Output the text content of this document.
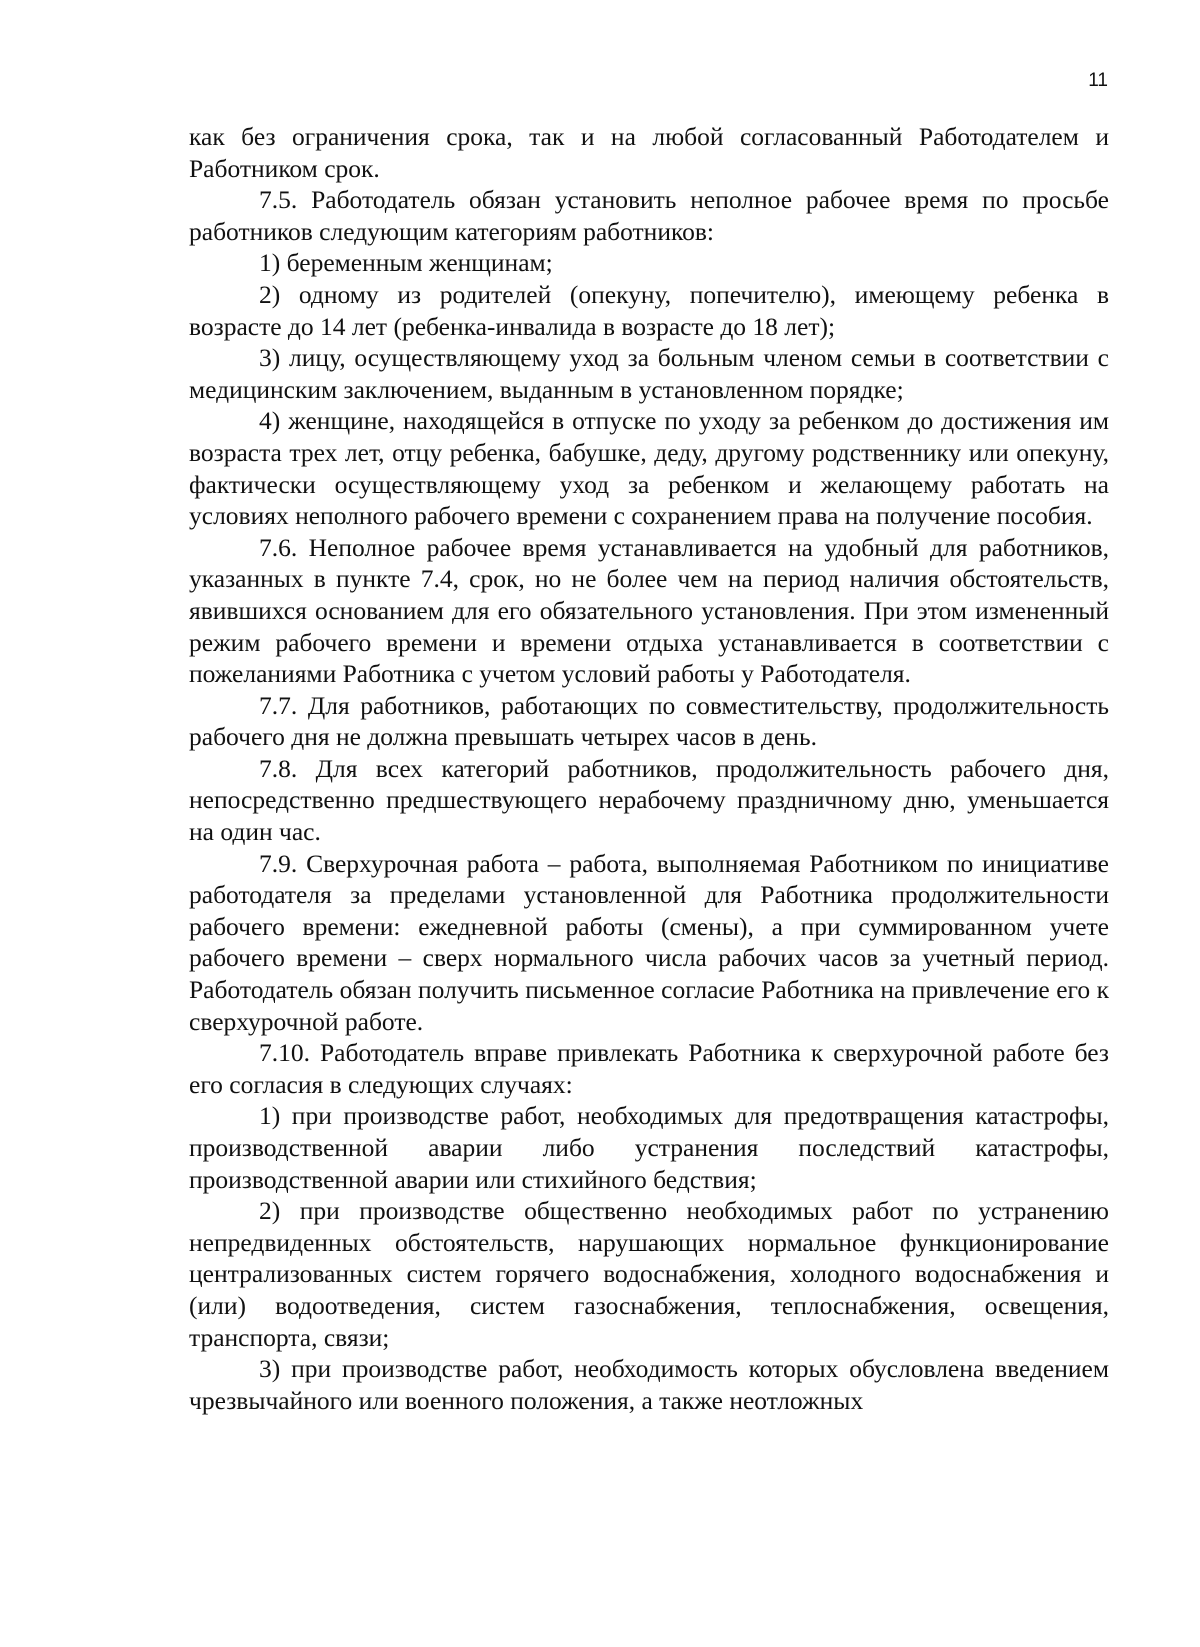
11

как без ограничения срока, так и на любой согласованный Работодателем и Работником срок.

7.5. Работодатель обязан установить неполное рабочее время по просьбе работников следующим категориям работников:

1) беременным женщинам;

2) одному из родителей (опекуну, попечителю), имеющему ребенка в возрасте до 14 лет (ребенка-инвалида в возрасте до 18 лет);

3) лицу, осуществляющему уход за больным членом семьи в соответствии с медицинским заключением, выданным в установленном порядке;

4) женщине, находящейся в отпуске по уходу за ребенком до достижения им возраста трех лет, отцу ребенка, бабушке, деду, другому родственнику или опекуну, фактически осуществляющему уход за ребенком и желающему работать на условиях неполного рабочего времени с сохранением права на получение пособия.

7.6. Неполное рабочее время устанавливается на удобный для работников, указанных в пункте 7.4, срок, но не более чем на период наличия обстоятельств, явившихся основанием для его обязательного установления. При этом измененный режим рабочего времени и времени отдыха устанавливается в соответствии с пожеланиями Работника с учетом условий работы у Работодателя.

7.7. Для работников, работающих по совместительству, продолжительность рабочего дня не должна превышать четырех часов в день.

7.8. Для всех категорий работников, продолжительность рабочего дня, непосредственно предшествующего нерабочему праздничному дню, уменьшается на один час.

7.9. Сверхурочная работа – работа, выполняемая Работником по инициативе работодателя за пределами установленной для Работника продолжительности рабочего времени: ежедневной работы (смены), а при суммированном учете рабочего времени – сверх нормального числа рабочих часов за учетный период. Работодатель обязан получить письменное согласие Работника на привлечение его к сверхурочной работе.

7.10. Работодатель вправе привлекать Работника к сверхурочной работе без его согласия в следующих случаях:

1) при производстве работ, необходимых для предотвращения катастрофы, производственной аварии либо устранения последствий катастрофы, производственной аварии или стихийного бедствия;

2) при производстве общественно необходимых работ по устранению непредвиденных обстоятельств, нарушающих нормальное функционирование централизованных систем горячего водоснабжения, холодного водоснабжения и (или) водоотведения, систем газоснабжения, теплоснабжения, освещения, транспорта, связи;

3) при производстве работ, необходимость которых обусловлена введением чрезвычайного или военного положения, а также неотложных
